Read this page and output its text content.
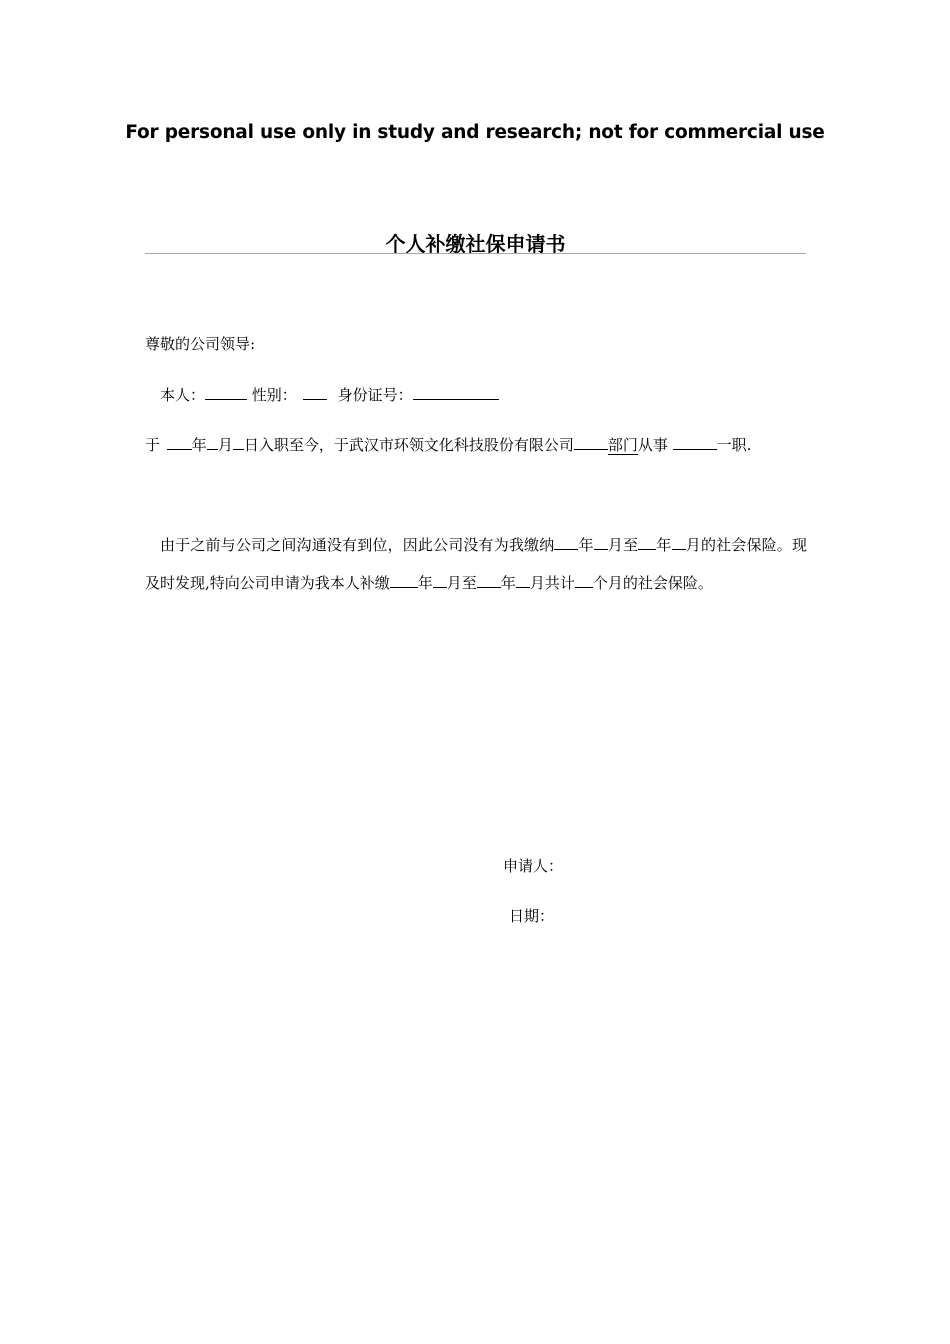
For personal use only in study and research; not for commercial use
个人补缴社保申请书
尊敬的公司领导:
本人：	性别：	身份证号：
于 年 月 日入职至今，于武汉市环领文化科技股份有限公司 部门从事	一职.
由于之前与公司之间沟通没有到位，因此公司没有为我缴纳 年 月至 年 月的社会保险。现及时发现,特向公司申请为我本人补缴 年 月至 年 月共计 个月的社会保险。
申请人：
日期：
